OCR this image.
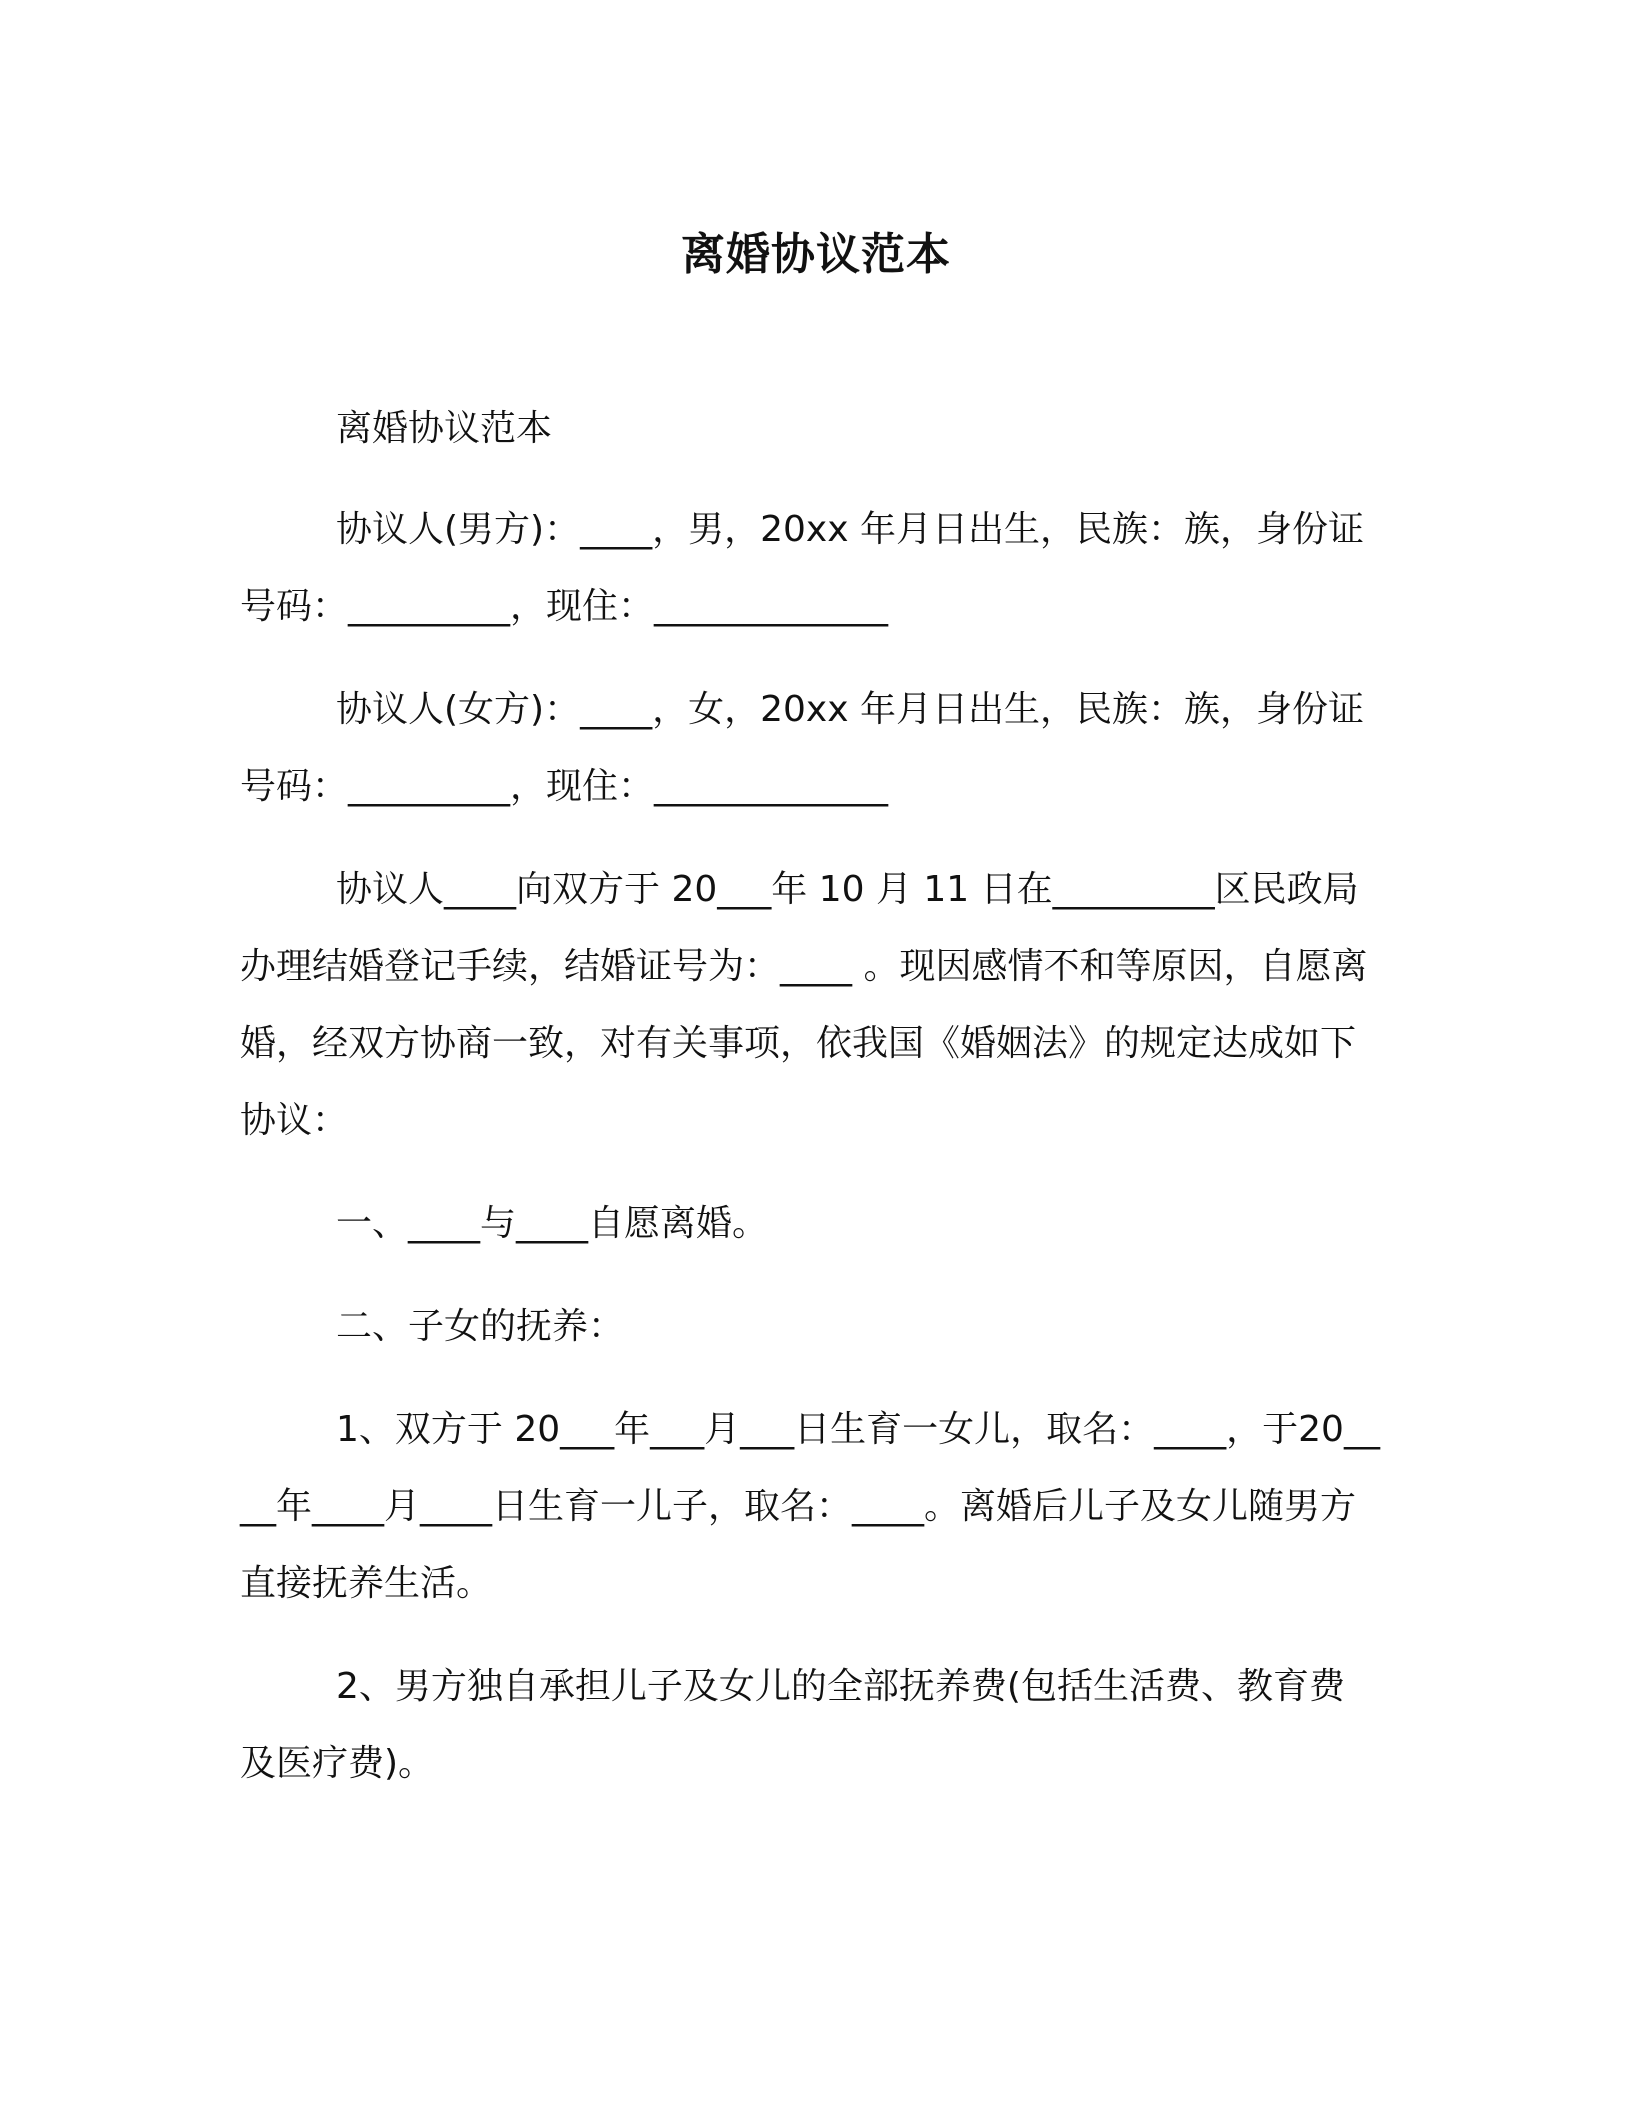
离婚协议范本

离婚协议范本

协议人(男方)：____，男，20xx 年月日出生，民族：族，身份证号码：_________，现住：_____________

协议人(女方)：____，女，20xx 年月日出生，民族：族，身份证号码：_________，现住：_____________

协议人____向双方于 20___年 10 月 11 日在_________区民政局办理结婚登记手续，结婚证号为：____ 。现因感情不和等原因，自愿离婚，经双方协商一致，对有关事项，依我国《婚姻法》的规定达成如下协议：

一、____与____自愿离婚。

二、子女的抚养：

1、双方于 20___年___月___日生育一女儿，取名：____，于20____年____月____日生育一儿子，取名：____。离婚后儿子及女儿随男方直接抚养生活。

2、男方独自承担儿子及女儿的全部抚养费(包括生活费、教育费及医疗费)。
